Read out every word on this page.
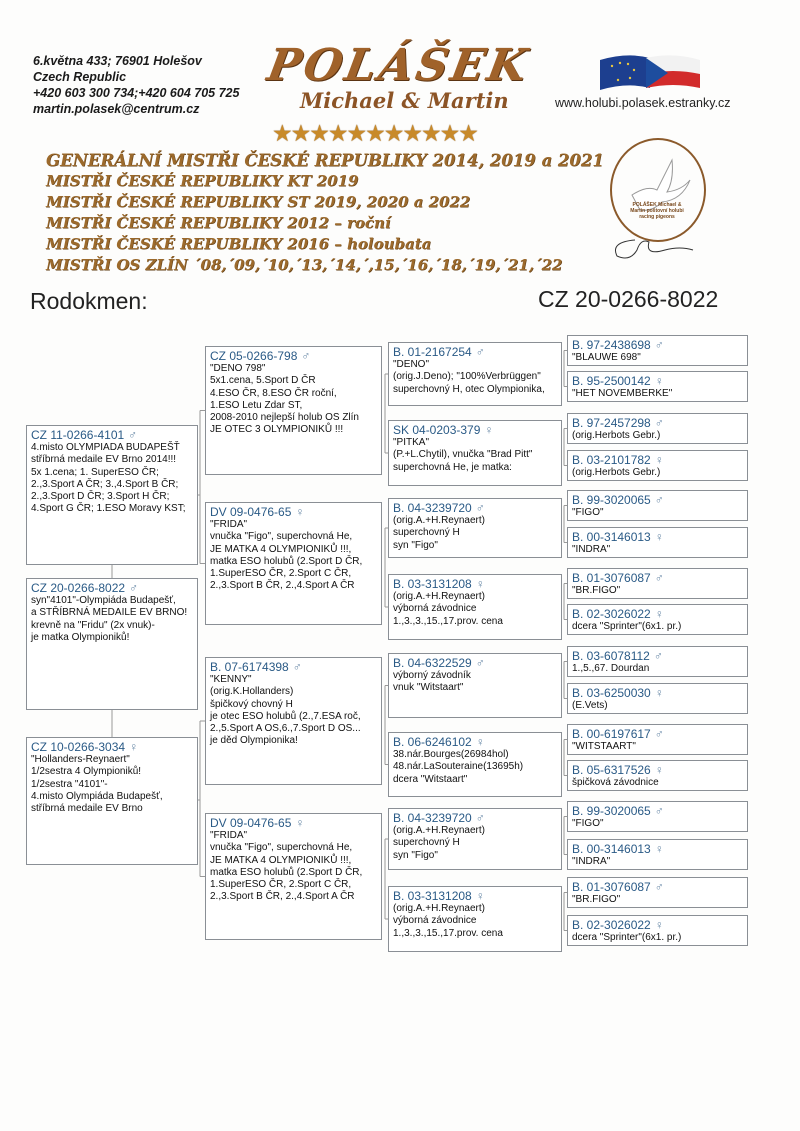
6.května 433; 76901 Holešov
Czech Republic
+420 603 300 734;+420 604 705 725
martin.polasek@centrum.cz
POLÁŠEK
Michael & Martin	www.holubi.polasek.estranky.cz
★★★★★★★★★★★
GENERÁLNÍ MISTŘI ČESKÉ REPUBLIKY 2014, 2019 a 2021
MISTŘI ČESKÉ REPUBLIKY KT 2019
MISTŘI ČESKÉ REPUBLIKY ST 2019, 2020 a 2022
MISTŘI ČESKÉ REPUBLIKY 2012 – roční
MISTŘI ČESKÉ REPUBLIKY 2016 – holoubata
MISTŘI OS ZLÍN ´08,´09,´10,´13,´14,´,15,´16,´18,´19,´21,´22
POLÁŠEK Michael & Martin poštovní holubi racing pigeons
Rodokmen:	CZ 20-0266-8022
CZ 11-0266-4101 ♂
4.misto OLYMPIADA BUDAPEŠŤ
stříbrná medaile EV Brno 2014!!!
5x 1.cena; 1. SuperESO ČR;
2.,3.Sport A ČR; 3.,4.Sport B ČR;
2.,3.Sport D ČR; 3.Sport H ČR;
4.Sport G ČR; 1.ESO Moravy KST;
CZ 20-0266-8022 ♂
syn"4101"-Olympiáda Budapešť,
a STŘÍBRNÁ MEDAILE EV BRNO!
krevně na "Fridu" (2x vnuk)-
je matka Olympioniků!
CZ 10-0266-3034 ♀
"Hollanders-Reynaert"
1/2sestra 4 Olympioniků!
1/2sestra "4101"-
4.misto Olympiáda Budapešť,
stříbrná medaile EV Brno
CZ 05-0266-798 ♂
"DENO 798"
5x1.cena, 5.Sport D ČR
4.ESO ČR, 8.ESO ČR roční,
1.ESO Letu Zdar ST,
2008-2010 nejlepší holub OS Zlín
JE OTEC 3 OLYMPIONIKŮ !!!
DV 09-0476-65 ♀
"FRIDA"
vnučka "Figo", superchovná He,
JE MATKA 4 OLYMPIONIKŮ !!!,
matka ESO holubů (2.Sport D ČR,
1.SuperESO ČR, 2.Sport C ČR,
2.,3.Sport B ČR, 2.,4.Sport A ČR
B. 07-6174398 ♂
"KENNY"
(orig.K.Hollanders)
špičkový chovný H
je otec ESO holubů (2.,7.ESA roč,
2.,5.Sport A OS,6.,7.Sport D OS...
je děd Olympionika!
DV 09-0476-65 ♀
"FRIDA"
vnučka "Figo", superchovná He,
JE MATKA 4 OLYMPIONIKŮ !!!,
matka ESO holubů (2.Sport D ČR,
1.SuperESO ČR, 2.Sport C ČR,
2.,3.Sport B ČR, 2.,4.Sport A ČR
B. 01-2167254 ♂
"DENO"
(orig.J.Deno); "100%Verbrüggen"
superchovný H, otec Olympionika,
SK 04-0203-379 ♀
"PITKA"
(P.+L.Chytil), vnučka "Brad Pitt"
superchovná He, je matka:
B. 04-3239720 ♂
(orig.A.+H.Reynaert)
superchovný H
syn "Figo"
B. 03-3131208 ♀
(orig.A.+H.Reynaert)
výborná závodnice
1.,3.,3.,15.,17.prov. cena
B. 04-6322529 ♂
výborný závodník
vnuk "Witstaart"
B. 06-6246102 ♀
38.nár.Bourges(26984hol)
48.nár.LaSouteraine(13695h)
dcera "Witstaart"
B. 04-3239720 ♂
(orig.A.+H.Reynaert)
superchovný H
syn "Figo"
B. 03-3131208 ♀
(orig.A.+H.Reynaert)
výborná závodnice
1.,3.,3.,15.,17.prov. cena
B. 97-2438698 ♂
"BLAUWE 698"
B. 95-2500142 ♀
"HET NOVEMBERKE"
B. 97-2457298 ♂
(orig.Herbots Gebr.)
B. 03-2101782 ♀
(orig.Herbots Gebr.)
B. 99-3020065 ♂
"FIGO"
B. 00-3146013 ♀
"INDRA"
B. 01-3076087 ♂
"BR.FIGO"
B. 02-3026022 ♀
dcera "Sprinter"(6x1. pr.)
B. 03-6078112 ♂
1.,5.,67. Dourdan
B. 03-6250030 ♀
(E.Vets)
B. 00-6197617 ♂
"WITSTAART"
B. 05-6317526 ♀
špičková závodnice
B. 99-3020065 ♂
"FIGO"
B. 00-3146013 ♀
"INDRA"
B. 01-3076087 ♂
"BR.FIGO"
B. 02-3026022 ♀
dcera "Sprinter"(6x1. pr.)
